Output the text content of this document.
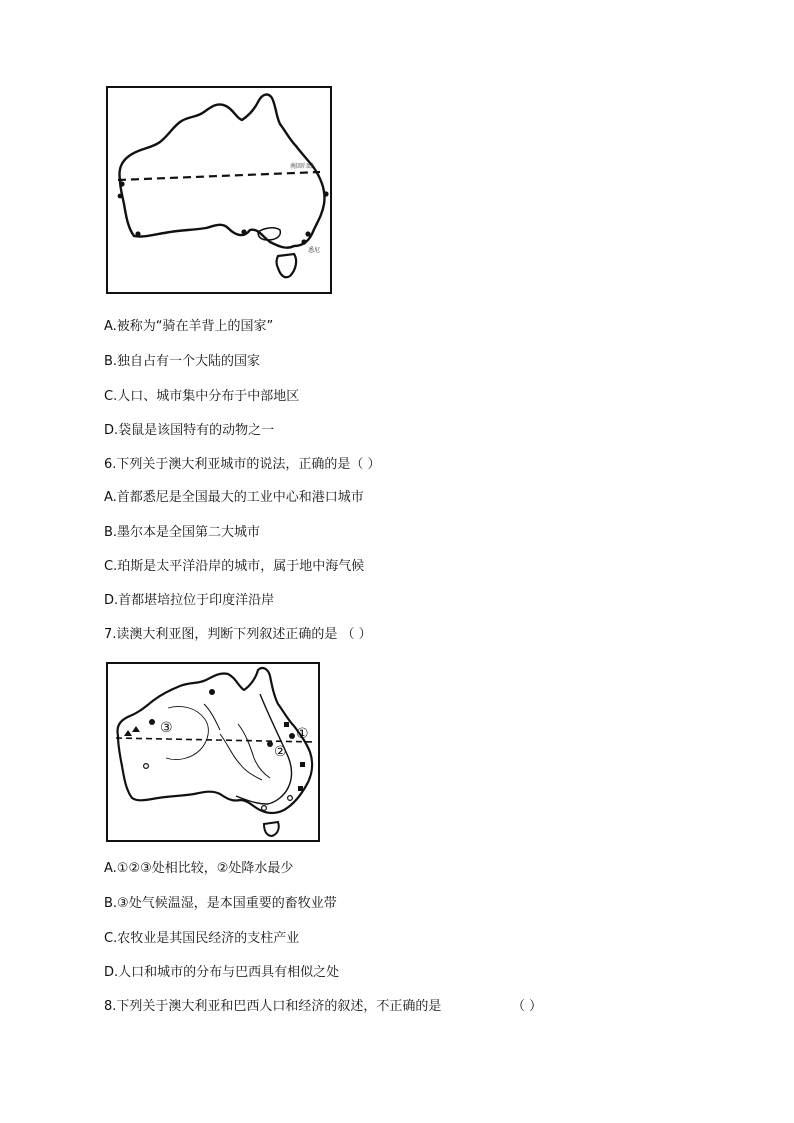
南回归线
悉尼
A.被称为“骑在羊背上的国家”
B.独自占有一个大陆的国家
C.人口、城市集中分布于中部地区
D.袋鼠是该国特有的动物之一
6.下列关于澳大利亚城市的说法，正确的是（ ）
A.首都悉尼是全国最大的工业中心和港口城市
B.墨尔本是全国第二大城市
C.珀斯是太平洋沿岸的城市，属于地中海气候
D.首都堪培拉位于印度洋沿岸
7.读澳大利亚图，判断下列叙述正确的是 （ ）
①
②
③
A.①②③处相比较，②处降水最少
B.③处气候温湿，是本国重要的畜牧业带
C.农牧业是其国民经济的支柱产业
D.人口和城市的分布与巴西具有相似之处
8.下列关于澳大利亚和巴西人口和经济的叙述，不正确的是	（ ）
